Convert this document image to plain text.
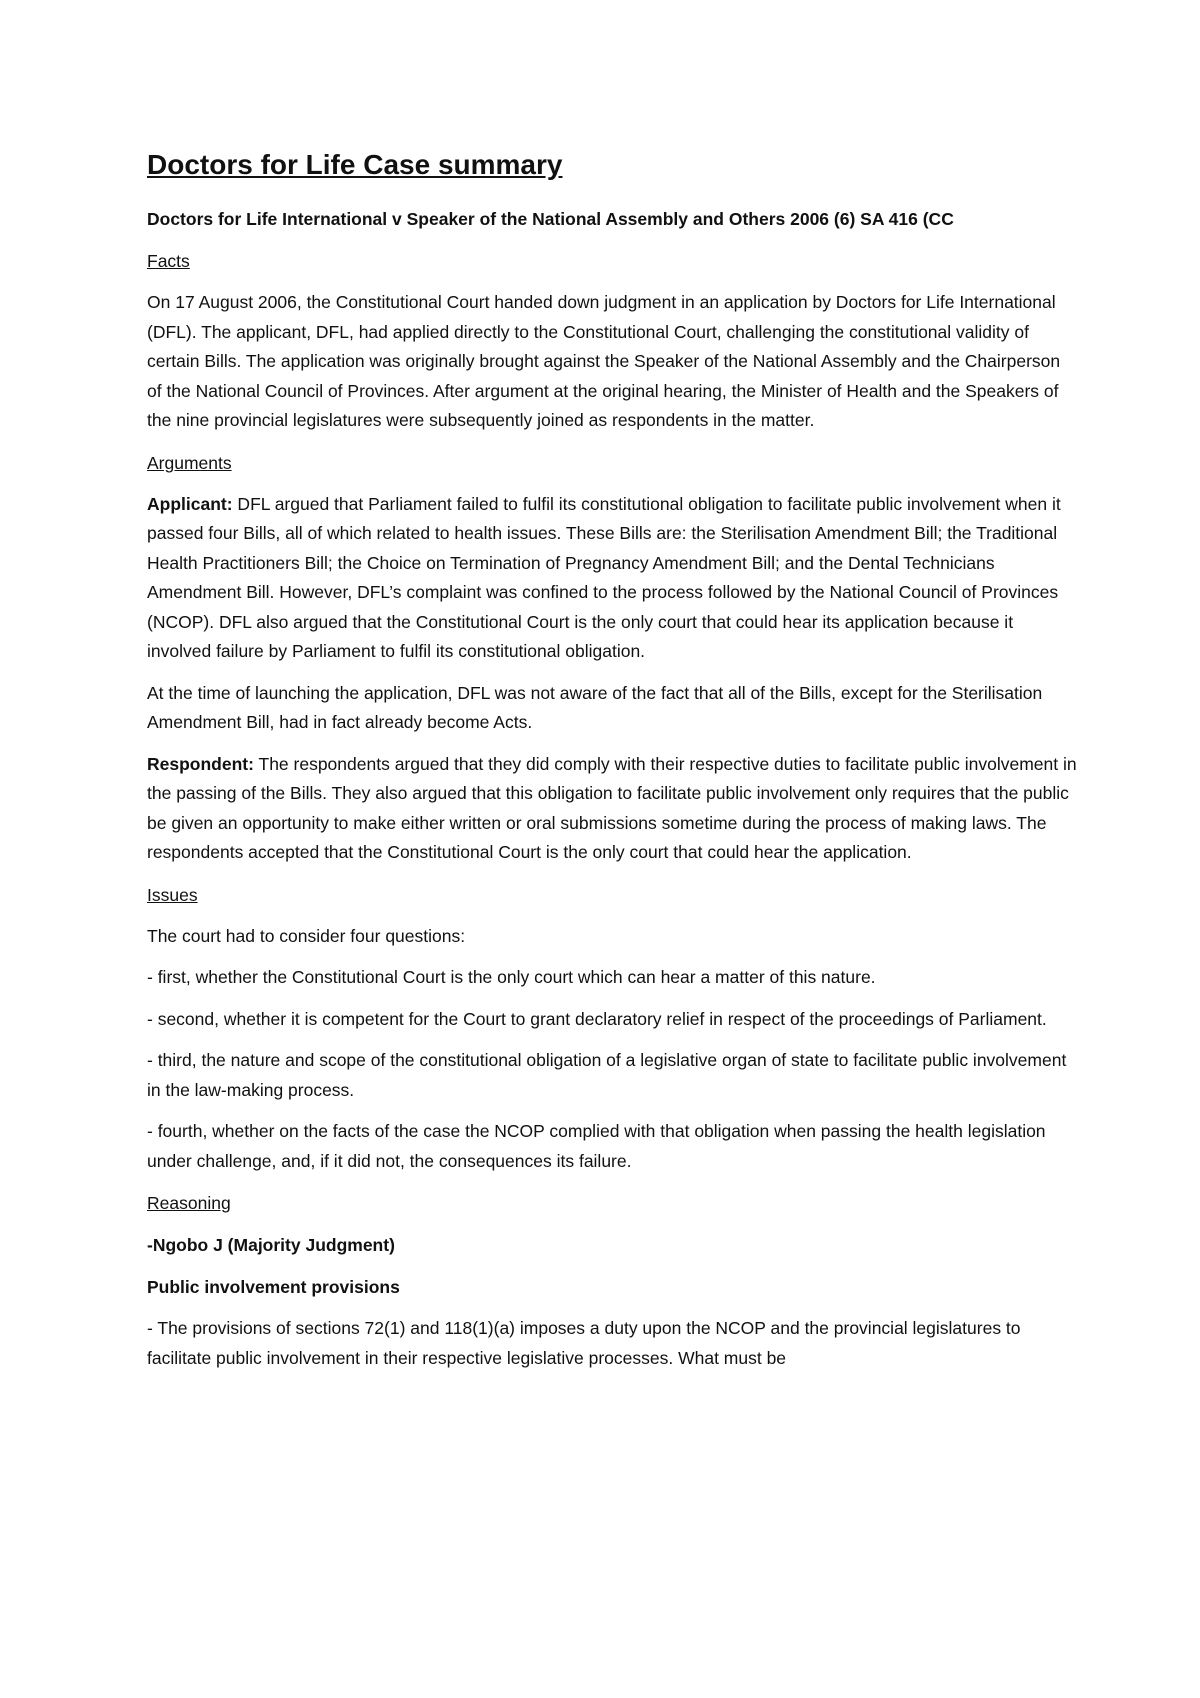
Doctors for Life Case summary
Doctors for Life International v Speaker of the National Assembly and Others 2006 (6) SA 416 (CC
Facts

On 17 August 2006, the Constitutional Court handed down judgment in an application by Doctors for Life International (DFL). The applicant, DFL, had applied directly to the Constitutional Court, challenging the constitutional validity of certain Bills. The application was originally brought against the Speaker of the National Assembly and the Chairperson of the National Council of Provinces. After argument at the original hearing, the Minister of Health and the Speakers of the nine provincial legislatures were subsequently joined as respondents in the matter.

Arguments

Applicant: DFL argued that Parliament failed to fulfil its constitutional obligation to facilitate public involvement when it passed four Bills, all of which related to health issues. These Bills are: the Sterilisation Amendment Bill; the Traditional Health Practitioners Bill; the Choice on Termination of Pregnancy Amendment Bill; and the Dental Technicians Amendment Bill. However, DFL’s complaint was confined to the process followed by the National Council of Provinces (NCOP). DFL also argued that the Constitutional Court is the only court that could hear its application because it involved failure by Parliament to fulfil its constitutional obligation.

At the time of launching the application, DFL was not aware of the fact that all of the Bills, except for the Sterilisation Amendment Bill, had in fact already become Acts.

Respondent: The respondents argued that they did comply with their respective duties to facilitate public involvement in the passing of the Bills. They also argued that this obligation to facilitate public involvement only requires that the public be given an opportunity to make either written or oral submissions sometime during the process of making laws. The respondents accepted that the Constitutional Court is the only court that could hear the application.

Issues

The court had to consider four questions:

- first, whether the Constitutional Court is the only court which can hear a matter of this nature.

- second, whether it is competent for the Court to grant declaratory relief in respect of the proceedings of Parliament.

- third, the nature and scope of the constitutional obligation of a legislative organ of state to facilitate public involvement in the law-making process.

- fourth, whether on the facts of the case the NCOP complied with that obligation when passing the health legislation under challenge, and, if it did not, the consequences its failure.

Reasoning
-Ngobo J (Majority Judgment)
Public involvement provisions

- The provisions of sections 72(1) and 118(1)(a) imposes a duty upon the NCOP and the provincial legislatures to facilitate public involvement in their respective legislative processes. What must be
